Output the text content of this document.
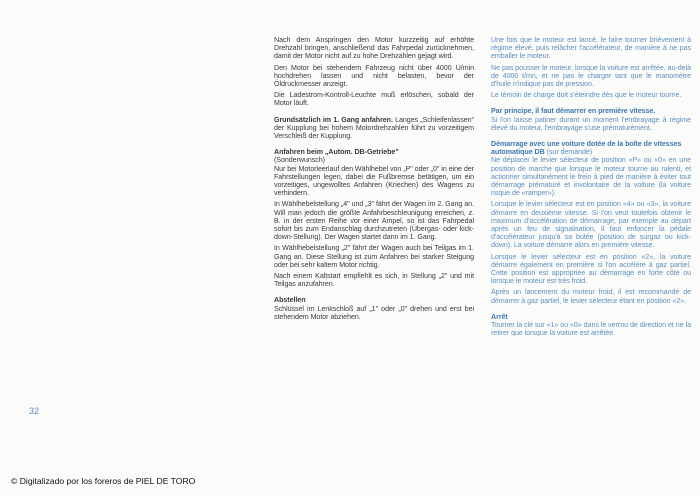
Nach dem Anspringen den Motor kurzzeitig auf erhöhte Drehzahl bringen, anschließend das Fahrpedal zurücknehmen, damit der Motor nicht auf zu hohe Drehzahlen gejagt wird.

Den Motor bei stehendem Fahrzeug nicht über 4000 U/min hochdrehen lassen und nicht belasten, bevor der Öldruckmesser anzeigt.

Die Ladestrom-Kontroll-Leuchte muß erlöschen, sobald der Motor läuft.

Grundsätzlich im 1. Gang anfahren. Langes „Schleifenlassen" der Kupplung bei hohem Motordrehzahlen führt zu vorzeitigem Verschleiß der Kupplung.

Anfahren beim „Autom. DB-Getriebe"
(Sonderwunsch)

Nur bei Motorleerlauf den Wählhebel von „P" oder „0" in eine der Fahrstellungen legen, dabei die Fußbremse betätigen, um ein vorzeitiges, ungewolltes Anfahren (Kriechen) des Wagens zu verhindern.

In Wählhebelstellung „4" und „3" fährt der Wagen im 2. Gang an. Will man jedoch die größte Anfahrbeschleunigung erreichen, z. B. in der ersten Reihe vor einer Ampel, so ist das Fahrpedal sofort bis zum Endanschlag durchzutreten (Übergas- oder kick-down-Stellung). Der Wagen startet dann im 1. Gang.

In Wählhebelstellung „2" fährt der Wagen auch bei Teilgas im 1. Gang an. Diese Stellung ist zum Anfahren bei starker Steigung oder bei sehr kaltem Motor richtig.

Nach einem Kaltstart empfiehlt es sich, in Stellung „2" und mit Teilgas anzufahren.

Abstellen

Schlüssel im Lenkschloß auf „1" oder „0" drehen und erst bei stehendem Motor abziehen.

Une fois que le moteur est lancé, le faire tourner brièvement à régime élevé, puis relâcher l'accélérateur, de manière à ne pas emballer le moteur.

Ne pas pousser le moteur, lorsque la voiture est arrêtée, au-delà de 4000 t/mn, et ne pas le charger tant que le manomètre d'huile n'indique pas de pression.

Le témoin de charge doit s'éteindre dès que le moteur tourne.

Par principe, il faut démarrer en première vitesse.

Si l'on laisse patiner durant un moment l'embrayage à régime élevé du moteur, l'embrayage s'use prématurément.

Démarrage avec une voiture dotée de la boîte de vitesses automatique DB (sur demande)

Ne déplacer le levier sélecteur de position «P» ou «0» en une position de marche que lorsque le moteur tourne au ralenti, et actionner simultanément le frein à pied de manière à éviter tout démarrage prématuré et involontaire de la voiture (la voiture risque de «ramper»).

Lorsque le levier sélecteur est en position «4» ou «3», la voiture démarre en deuxième vitesse. Si l'on veut toutefois obtenir le maximum d'accélération de démarrage, par exemple au départ après un feu de signalisation, il faut enfoncer la pédale d'accélérateur jusqu'à sa butée (position de surgaz ou kick-down). La voiture démarre alors en première vitesse.

Lorsque le levier sélecteur est en position «2», la voiture démarre également en première si l'on accélère à gaz partiel. Cette position est appropriée au démarrage en forte côte ou lorsque le moteur est très froid.

Après un lancement du moteur froid, il est recommandé de démarrer à gaz partiel, le levier sélecteur étant en position «2».

Arrêt

Tourner la clé sur «1» ou «0» dans le verrou de direction et ne la retirer que lorsque la voiture est arrêtée.

32
© Digitalizado por los foreros de PIEL DE TORO
